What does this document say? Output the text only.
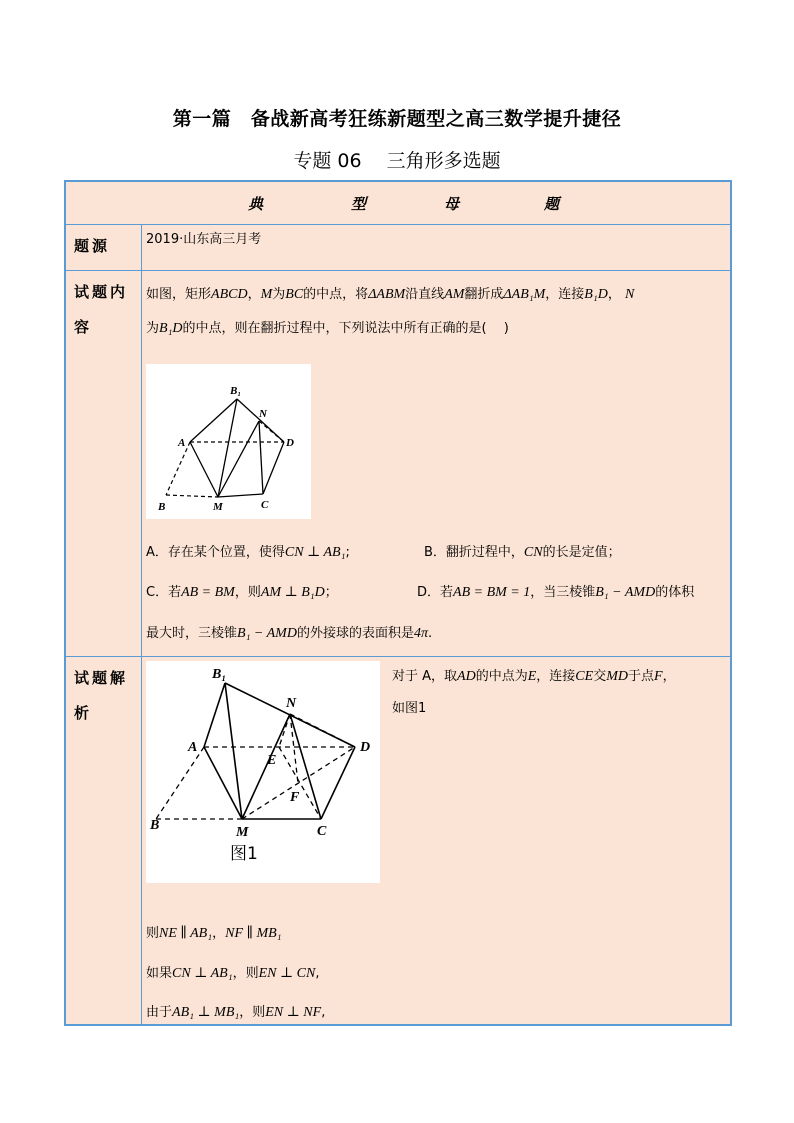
第一篇　备战新高考狂练新题型之高三数学提升捷径
专题 06　 三角形多选题
典	型	母	题
题源	2019·山东高三月考
试题内容
如图，矩形ABCD，M为BC的中点，将ΔABM沿直线AM翻折成ΔAB₁M，连接B₁D， N
为B₁D的中点，则在翻折过程中，下列说法中所有正确的是(　 )
B₁
N
A	D
B	M	C
A．存在某个位置，使得CN ⊥ AB₁;	B．翻折过程中，CN的长是定值；
C．若AB = BM，则AM ⊥ B₁D；	D．若AB = BM = 1，当三棱锥B₁ − AMD的体积
最大时，三棱锥B₁ − AMD的外接球的表面积是4π.
试题解析
B₁
N
A	D
E
F
B	M	C
图1
对于 A，取AD的中点为E，连接CE交MD于点F，
如图1
则NE ∥ AB₁，NF ∥ MB₁
如果CN ⊥ AB₁，则EN ⊥ CN,
由于AB₁ ⊥ MB₁，则EN ⊥ NF,
